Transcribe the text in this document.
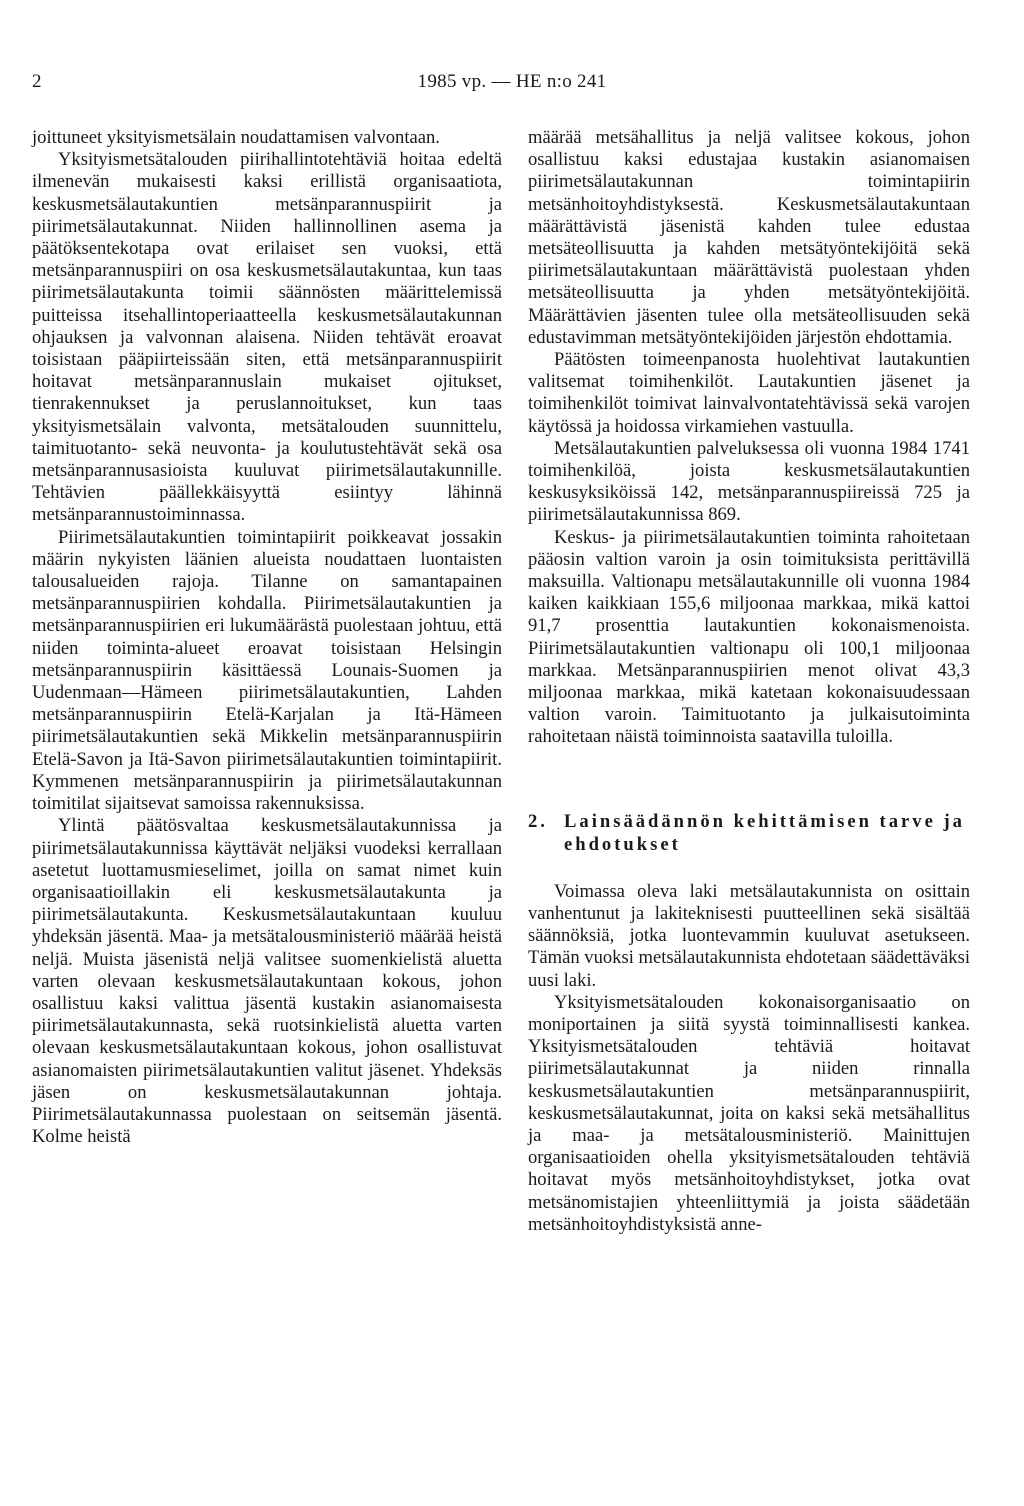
2	1985 vp. — HE n:o 241

joittuneet yksityismetsälain noudattamisen valvontaan.

Yksityismetsätalouden piirihallintotehtäviä hoitaa edeltä ilmenevän mukaisesti kaksi erillistä organisaatiota, keskusmetsälautakuntien metsänparannuspiirit ja piirimetsälautakunnat. Niiden hallinnollinen asema ja päätöksentekotapa ovat erilaiset sen vuoksi, että metsänparannuspiiri on osa keskusmetsälautakuntaa, kun taas piirimetsälautakunta toimii säännösten määrittelemissä puitteissa itsehallintoperiaatteella keskusmetsälautakunnan ohjauksen ja valvonnan alaisena. Niiden tehtävät eroavat toisistaan pääpiirteissään siten, että metsänparannuspiirit hoitavat metsänparannuslain mukaiset ojitukset, tienrakennukset ja peruslannoitukset, kun taas yksityismetsälain valvonta, metsätalouden suunnittelu, taimituotanto- sekä neuvonta- ja koulutustehtävät sekä osa metsänparannusasioista kuuluvat piirimetsälautakunnille. Tehtävien päällekkäisyyttä esiintyy lähinnä metsänparannustoiminnassa.

Piirimetsälautakuntien toimintapiirit poikkeavat jossakin määrin nykyisten läänien alueista noudattaen luontaisten talousalueiden rajoja. Tilanne on samantapainen metsänparannuspiirien kohdalla. Piirimetsälautakuntien ja metsänparannuspiirien eri lukumäärästä puolestaan johtuu, että niiden toiminta-alueet eroavat toisistaan Helsingin metsänparannuspiirin käsittäessä Lounais-Suomen ja Uudenmaan—Hämeen piirimetsälautakuntien, Lahden metsänparannuspiirin Etelä-Karjalan ja Itä-Hämeen piirimetsälautakuntien sekä Mikkelin metsänparannuspiirin Etelä-Savon ja Itä-Savon piirimetsälautakuntien toimintapiirit. Kymmenen metsänparannuspiirin ja piirimetsälautakunnan toimitilat sijaitsevat samoissa rakennuksissa.

Ylintä päätösvaltaa keskusmetsälautakunnissa ja piirimetsälautakunnissa käyttävät neljäksi vuodeksi kerrallaan asetetut luottamusmieselimet, joilla on samat nimet kuin organisaatioillakin eli keskusmetsälautakunta ja piirimetsälautakunta. Keskusmetsälautakuntaan kuuluu yhdeksän jäsentä. Maa- ja metsätalousministeriö määrää heistä neljä. Muista jäsenistä neljä valitsee suomenkielistä aluetta varten olevaan keskusmetsälautakuntaan kokous, johon osallistuu kaksi valittua jäsentä kustakin asianomaisesta piirimetsälautakunnasta, sekä ruotsinkielistä aluetta varten olevaan keskusmetsälautakuntaan kokous, johon osallistuvat asianomaisten piirimetsälautakuntien valitut jäsenet. Yhdeksäs jäsen on keskusmetsälautakunnan johtaja. Piirimetsälautakunnassa puolestaan on seitsemän jäsentä. Kolme heistä

määrää metsähallitus ja neljä valitsee kokous, johon osallistuu kaksi edustajaa kustakin asianomaisen piirimetsälautakunnan toimintapiirin metsänhoitoyhdistyksestä. Keskusmetsälautakuntaan määrättävistä jäsenistä kahden tulee edustaa metsäteollisuutta ja kahden metsätyöntekijöitä sekä piirimetsälautakuntaan määrättävistä puolestaan yhden metsäteollisuutta ja yhden metsätyöntekijöitä. Määrättävien jäsenten tulee olla metsäteollisuuden sekä edustavimman metsätyöntekijöiden järjestön ehdottamia.

Päätösten toimeenpanosta huolehtivat lautakuntien valitsemat toimihenkilöt. Lautakuntien jäsenet ja toimihenkilöt toimivat lainvalvontatehtävissä sekä varojen käytössä ja hoidossa virkamiehen vastuulla.

Metsälautakuntien palveluksessa oli vuonna 1984 1741 toimihenkilöä, joista keskusmetsälautakuntien keskusyksiköissä 142, metsänparannuspiireissä 725 ja piirimetsälautakunnissa 869.

Keskus- ja piirimetsälautakuntien toiminta rahoitetaan pääosin valtion varoin ja osin toimituksista perittävillä maksuilla. Valtionapu metsälautakunnille oli vuonna 1984 kaiken kaikkiaan 155,6 miljoonaa markkaa, mikä kattoi 91,7 prosenttia lautakuntien kokonaismenoista. Piirimetsälautakuntien valtionapu oli 100,1 miljoonaa markkaa. Metsänparannuspiirien menot olivat 43,3 miljoonaa markkaa, mikä katetaan kokonaisuudessaan valtion varoin. Taimituotanto ja julkaisutoiminta rahoitetaan näistä toiminnoista saatavilla tuloilla.

2. Lainsäädännön kehittämisen tarve ja ehdotukset

Voimassa oleva laki metsälautakunnista on osittain vanhentunut ja lakiteknisesti puutteellinen sekä sisältää säännöksiä, jotka luontevammin kuuluvat asetukseen. Tämän vuoksi metsälautakunnista ehdotetaan säädettäväksi uusi laki.

Yksityismetsätalouden kokonaisorganisaatio on moniportainen ja siitä syystä toiminnallisesti kankea. Yksityismetsätalouden tehtäviä hoitavat piirimetsälautakunnat ja niiden rinnalla keskusmetsälautakuntien metsänparannuspiirit, keskusmetsälautakunnat, joita on kaksi sekä metsähallitus ja maa- ja metsätalousministeriö. Mainittujen organisaatioiden ohella yksityismetsätalouden tehtäviä hoitavat myös metsänhoitoyhdistykset, jotka ovat metsänomistajien yhteenliittymiä ja joista säädetään metsänhoitoyhdistyksistä anne-
